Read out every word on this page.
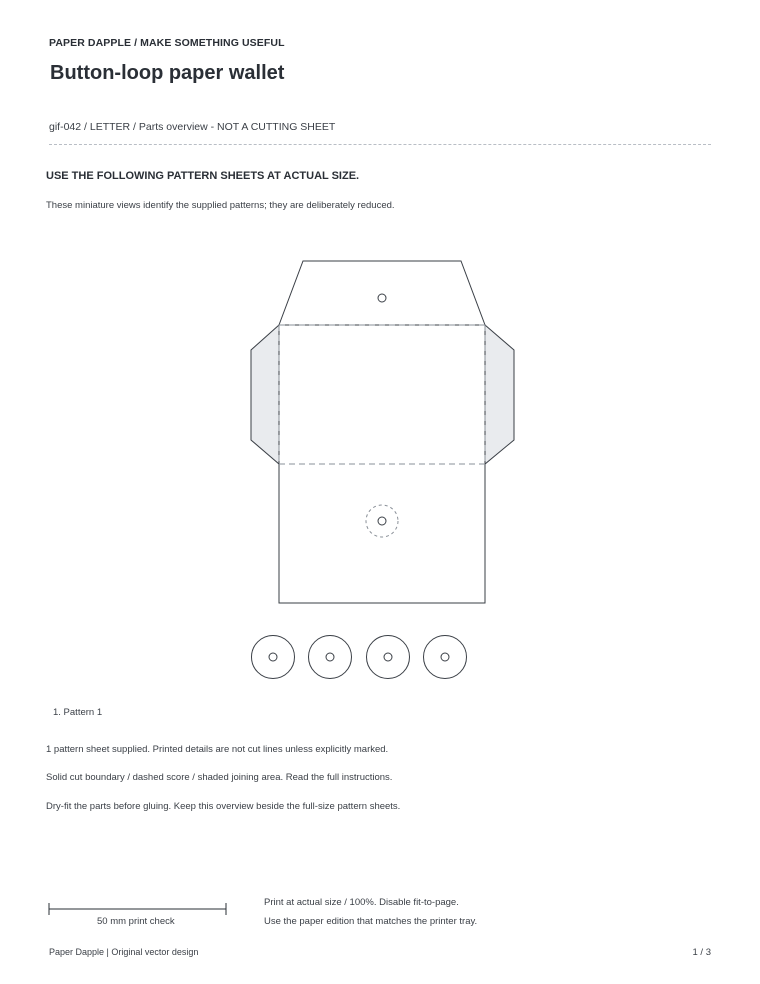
PAPER DAPPLE / MAKE SOMETHING USEFUL
Button-loop paper wallet
gif-042 / LETTER / Parts overview - NOT A CUTTING SHEET
USE THE FOLLOWING PATTERN SHEETS AT ACTUAL SIZE.
These miniature views identify the supplied patterns; they are deliberately reduced.
1. Pattern 1
1 pattern sheet supplied. Printed details are not cut lines unless explicitly marked.
Solid cut boundary / dashed score / shaded joining area. Read the full instructions.
Dry-fit the parts before gluing. Keep this overview beside the full-size pattern sheets.
50 mm print check
Print at actual size / 100%. Disable fit-to-page.
Use the paper edition that matches the printer tray.
Paper Dapple | Original vector design	1 / 3
